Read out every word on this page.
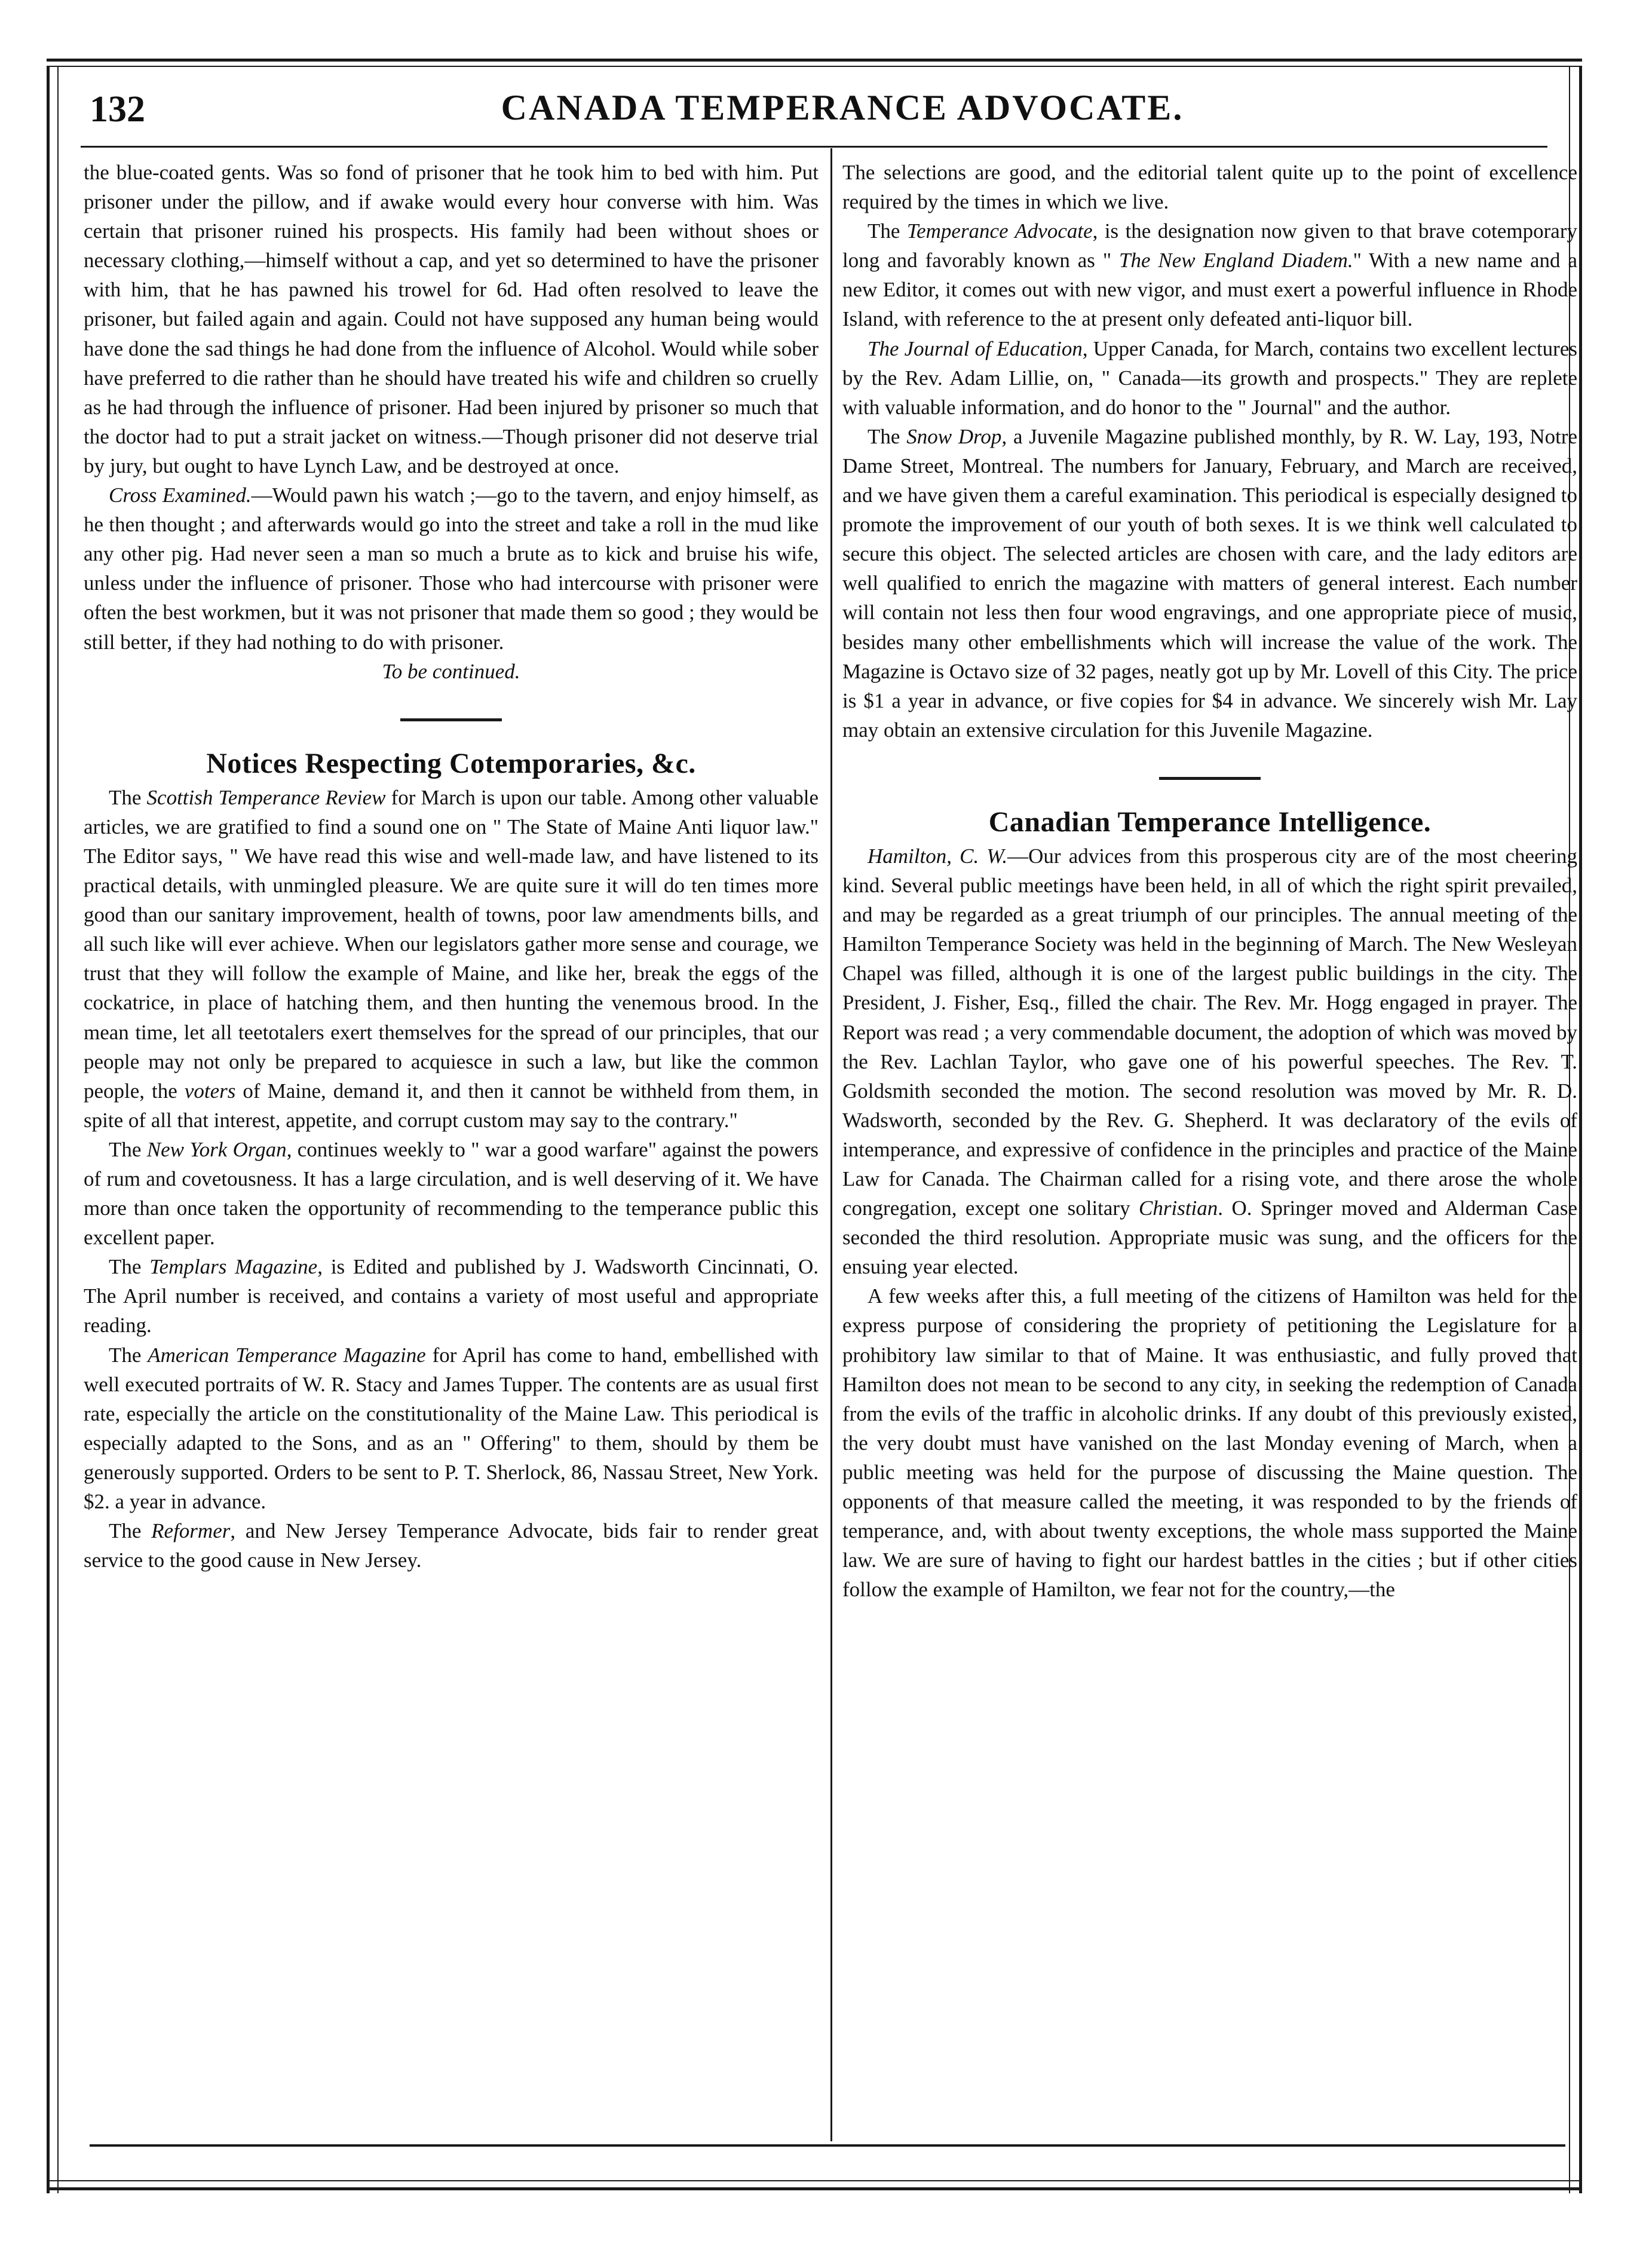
132	CANADA TEMPERANCE ADVOCATE.

the blue-coated gents. Was so fond of prisoner that he took him to bed with him. Put prisoner under the pillow, and if awake would every hour converse with him. Was certain that prisoner ruined his prospects. His family had been without shoes or necessary clothing,—himself without a cap, and yet so determined to have the prisoner with him, that he has pawned his trowel for 6d. Had often resolved to leave the prisoner, but failed again and again. Could not have supposed any human being would have done the sad things he had done from the influence of Alcohol. Would while sober have preferred to die rather than he should have treated his wife and children so cruelly as he had through the influence of prisoner. Had been injured by prisoner so much that the doctor had to put a strait jacket on witness.—Though prisoner did not deserve trial by jury, but ought to have Lynch Law, and be destroyed at once.

Cross Examined.—Would pawn his watch ;—go to the tavern, and enjoy himself, as he then thought ; and afterwards would go into the street and take a roll in the mud like any other pig. Had never seen a man so much a brute as to kick and bruise his wife, unless under the influence of prisoner. Those who had intercourse with prisoner were often the best workmen, but it was not prisoner that made them so good ; they would be still better, if they had nothing to do with prisoner.

To be continued.

Notices Respecting Cotemporaries, &c.

The Scottish Temperance Review for March is upon our table. Among other valuable articles, we are gratified to find a sound one on " The State of Maine Anti liquor law." The Editor says, " We have read this wise and well-made law, and have listened to its practical details, with unmingled pleasure. We are quite sure it will do ten times more good than our sanitary improvement, health of towns, poor law amendments bills, and all such like will ever achieve. When our legislators gather more sense and courage, we trust that they will follow the example of Maine, and like her, break the eggs of the cockatrice, in place of hatching them, and then hunting the venemous brood. In the mean time, let all teetotalers exert themselves for the spread of our principles, that our people may not only be prepared to acquiesce in such a law, but like the common people, the voters of Maine, demand it, and then it cannot be withheld from them, in spite of all that interest, appetite, and corrupt custom may say to the contrary."

The New York Organ, continues weekly to " war a good warfare" against the powers of rum and covetousness. It has a large circulation, and is well deserving of it. We have more than once taken the opportunity of recommending to the temperance public this excellent paper.

The Templars Magazine, is Edited and published by J. Wadsworth Cincinnati, O. The April number is received, and contains a variety of most useful and appropriate reading.

The American Temperance Magazine for April has come to hand, embellished with well executed portraits of W. R. Stacy and James Tupper. The contents are as usual first rate, especially the article on the constitutionality of the Maine Law. This periodical is especially adapted to the Sons, and as an " Offering" to them, should by them be generously supported. Orders to be sent to P. T. Sherlock, 86, Nassau Street, New York. $2. a year in advance.

The Reformer, and New Jersey Temperance Advocate, bids fair to render great service to the good cause in New Jersey.

The selections are good, and the editorial talent quite up to the point of excellence required by the times in which we live.

The Temperance Advocate, is the designation now given to that brave cotemporary long and favorably known as " The New England Diadem." With a new name and a new Editor, it comes out with new vigor, and must exert a powerful influence in Rhode Island, with reference to the at present only defeated anti-liquor bill.

The Journal of Education, Upper Canada, for March, contains two excellent lectures by the Rev. Adam Lillie, on, " Canada—its growth and prospects." They are replete with valuable information, and do honor to the " Journal" and the author.

The Snow Drop, a Juvenile Magazine published monthly, by R. W. Lay, 193, Notre Dame Street, Montreal. The numbers for January, February, and March are received, and we have given them a careful examination. This periodical is especially designed to promote the improvement of our youth of both sexes. It is we think well calculated to secure this object. The selected articles are chosen with care, and the lady editors are well qualified to enrich the magazine with matters of general interest. Each number will contain not less then four wood engravings, and one appropriate piece of music, besides many other embellishments which will increase the value of the work. The Magazine is Octavo size of 32 pages, neatly got up by Mr. Lovell of this City. The price is $1 a year in advance, or five copies for $4 in advance. We sincerely wish Mr. Lay may obtain an extensive circulation for this Juvenile Magazine.

Canadian Temperance Intelligence.

Hamilton, C. W.—Our advices from this prosperous city are of the most cheering kind. Several public meetings have been held, in all of which the right spirit prevailed, and may be regarded as a great triumph of our principles. The annual meeting of the Hamilton Temperance Society was held in the beginning of March. The New Wesleyan Chapel was filled, although it is one of the largest public buildings in the city. The President, J. Fisher, Esq., filled the chair. The Rev. Mr. Hogg engaged in prayer. The Report was read ; a very commendable document, the adoption of which was moved by the Rev. Lachlan Taylor, who gave one of his powerful speeches. The Rev. T. Goldsmith seconded the motion. The second resolution was moved by Mr. R. D. Wadsworth, seconded by the Rev. G. Shepherd. It was declaratory of the evils of intemperance, and expressive of confidence in the principles and practice of the Maine Law for Canada. The Chairman called for a rising vote, and there arose the whole congregation, except one solitary Christian. O. Springer moved and Alderman Case seconded the third resolution. Appropriate music was sung, and the officers for the ensuing year elected.

A few weeks after this, a full meeting of the citizens of Hamilton was held for the express purpose of considering the propriety of petitioning the Legislature for a prohibitory law similar to that of Maine. It was enthusiastic, and fully proved that Hamilton does not mean to be second to any city, in seeking the redemption of Canada from the evils of the traffic in alcoholic drinks. If any doubt of this previously existed, the very doubt must have vanished on the last Monday evening of March, when a public meeting was held for the purpose of discussing the Maine question. The opponents of that measure called the meeting, it was responded to by the friends of temperance, and, with about twenty exceptions, the whole mass supported the Maine law. We are sure of having to fight our hardest battles in the cities ; but if other cities follow the example of Hamilton, we fear not for the country,—the
